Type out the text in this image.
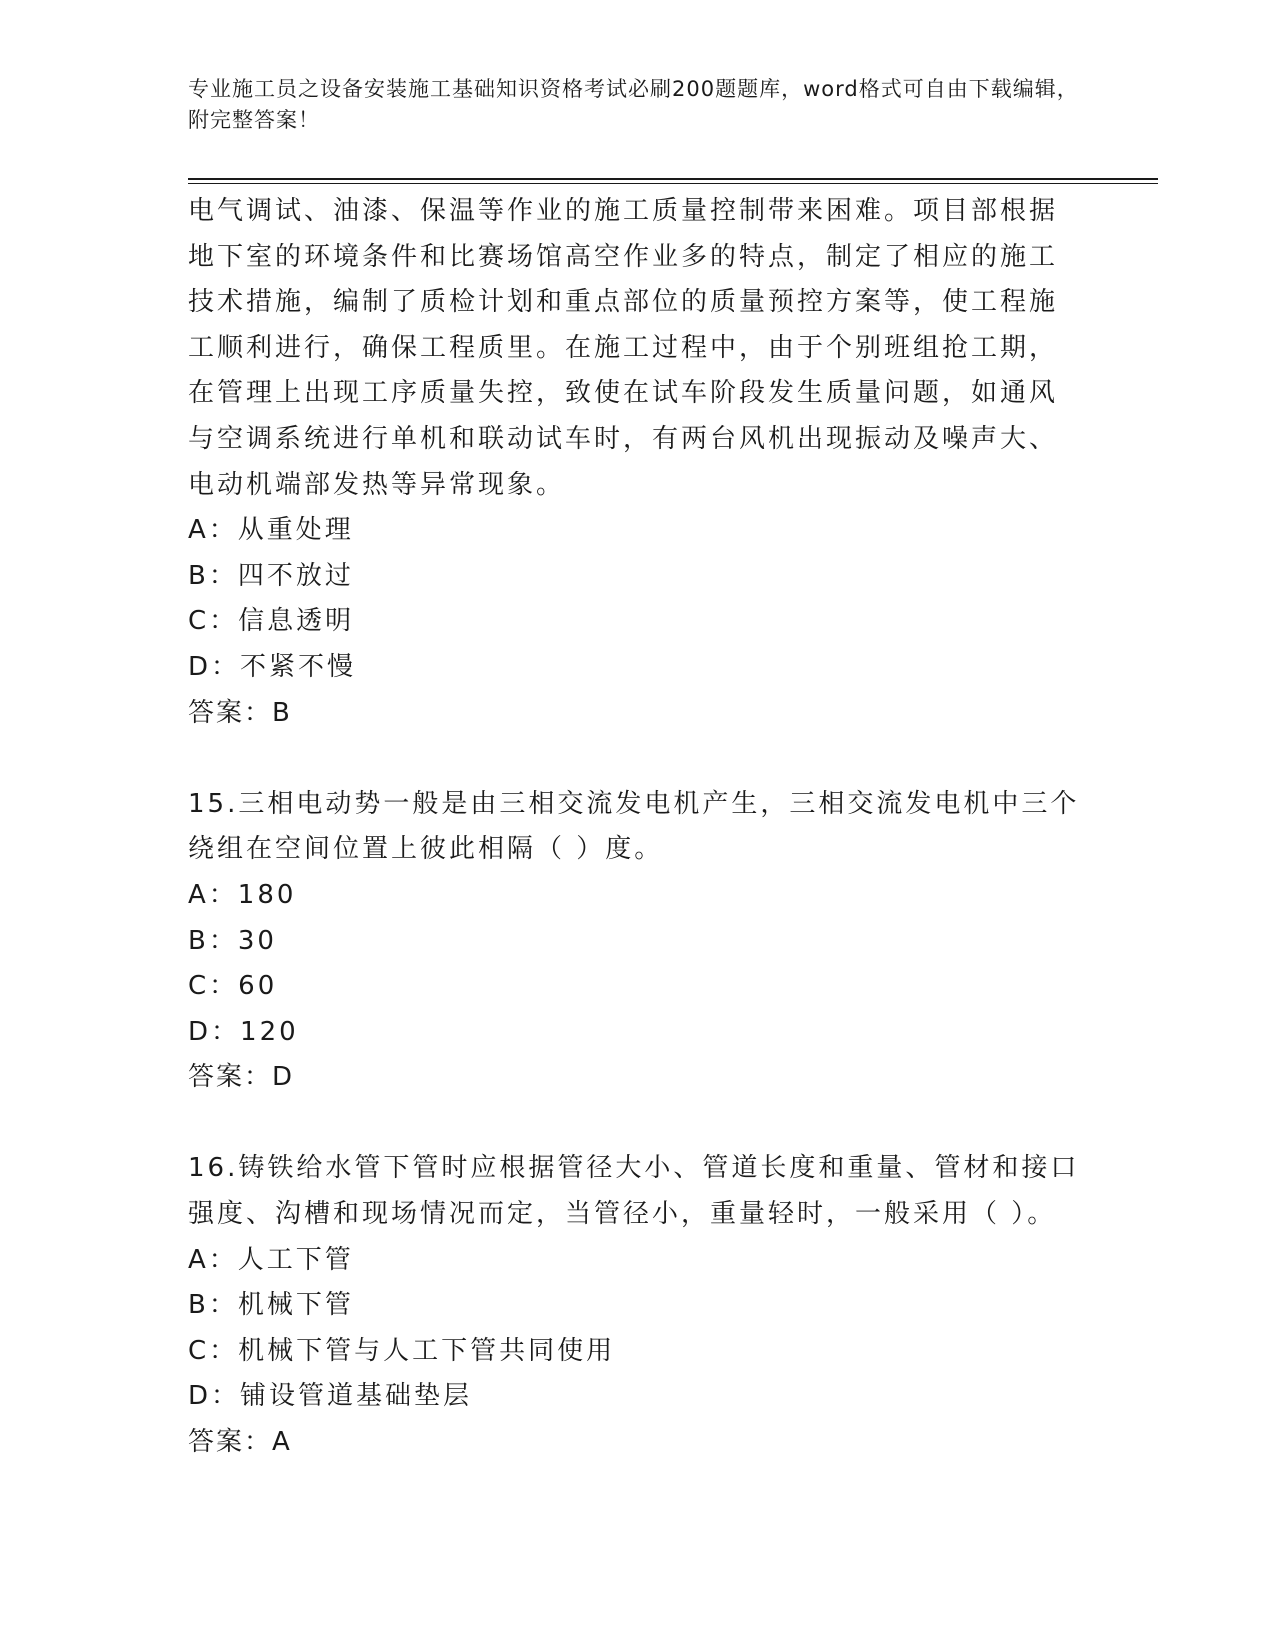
专业施工员之设备安装施工基础知识资格考试必刷200题题库，word格式可自由下载编辑，附完整答案！

电气调试、油漆、保温等作业的施工质量控制带来困难。项目部根据

地下室的环境条件和比赛场馆高空作业多的特点，制定了相应的施工

技术措施，编制了质检计划和重点部位的质量预控方案等，使工程施

工顺利进行，确保工程质里。在施工过程中，由于个别班组抢工期，

在管理上出现工序质量失控，致使在试车阶段发生质量问题，如通风

与空调系统进行单机和联动试车时，有两台风机出现振动及噪声大、

电动机端部发热等异常现象。

A：从重处理

B：四不放过

C：信息透明

D：不紧不慢

答案：B

15.三相电动势一般是由三相交流发电机产生，三相交流发电机中三个

绕组在空间位置上彼此相隔（ ）度。

A：180

B：30

C：60

D：120

答案：D

16.铸铁给水管下管时应根据管径大小、管道长度和重量、管材和接口

强度、沟槽和现场情况而定，当管径小，重量轻时，一般采用（ ）。

A：人工下管

B：机械下管

C：机械下管与人工下管共同使用

D：铺设管道基础垫层

答案：A
